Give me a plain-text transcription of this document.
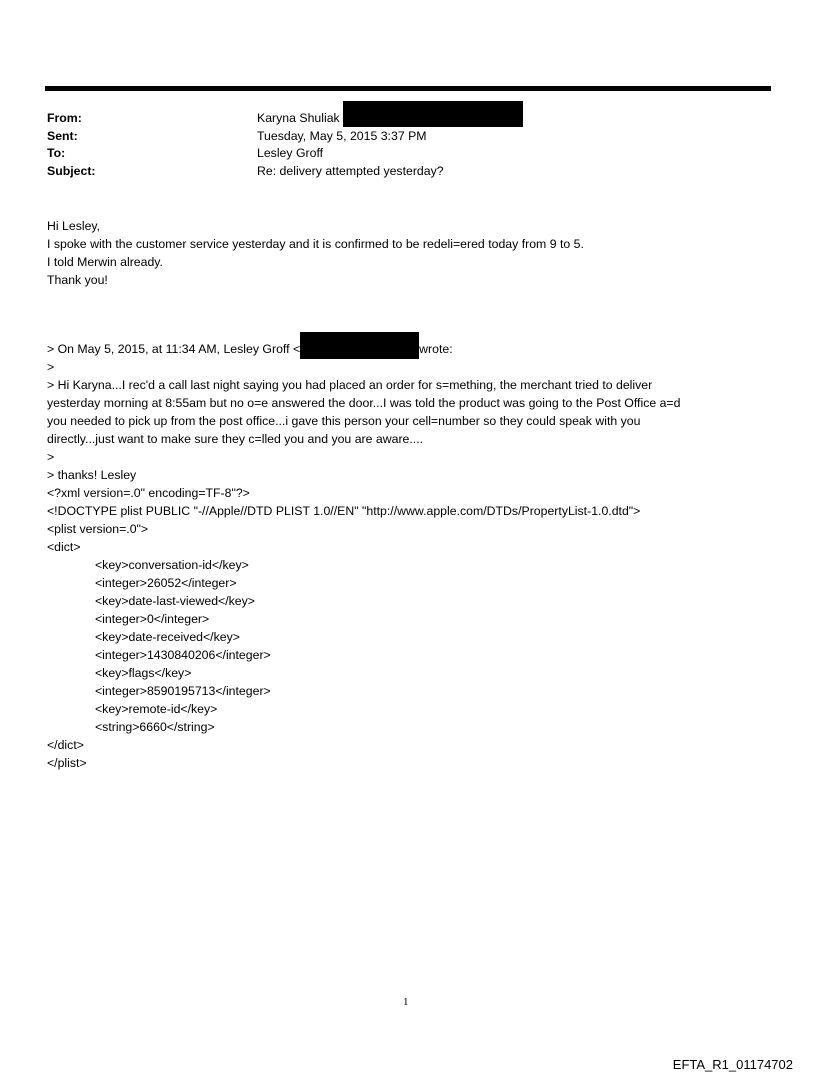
From:	Karyna Shuliak
Sent:	Tuesday, May 5, 2015 3:37 PM
To:	Lesley Groff
Subject:	Re: delivery attempted yesterday?
Hi Lesley,
I spoke with the customer service yesterday and it is confirmed to be redeli=ered today from 9 to 5.
I told Merwin already.
Thank you!
> On May 5, 2015, at 11:34 AM, Lesley Groff <	wrote:
>
> Hi Karyna...I rec'd a call last night saying you had placed an order for s=mething, the merchant tried to deliver
yesterday morning at 8:55am but no o=e answered the door...I was told the product was going to the Post Office a=d
you needed to pick up from the post office...i gave this person your cell=number so they could speak with you
directly...just want to make sure they c=lled you and you are aware....
>
> thanks! Lesley
<?xml version=.0" encoding=TF-8"?>
<!DOCTYPE plist PUBLIC "-//Apple//DTD PLIST 1.0//EN" "http://www.apple.com/DTDs/PropertyList-1.0.dtd">
<plist version=.0">
<dict>
<key>conversation-id</key>
<integer>26052</integer>
<key>date-last-viewed</key>
<integer>0</integer>
<key>date-received</key>
<integer>1430840206</integer>
<key>flags</key>
<integer>8590195713</integer>
<key>remote-id</key>
<string>6660</string>
</dict>
</plist>
1
EFTA_R1_01174702
